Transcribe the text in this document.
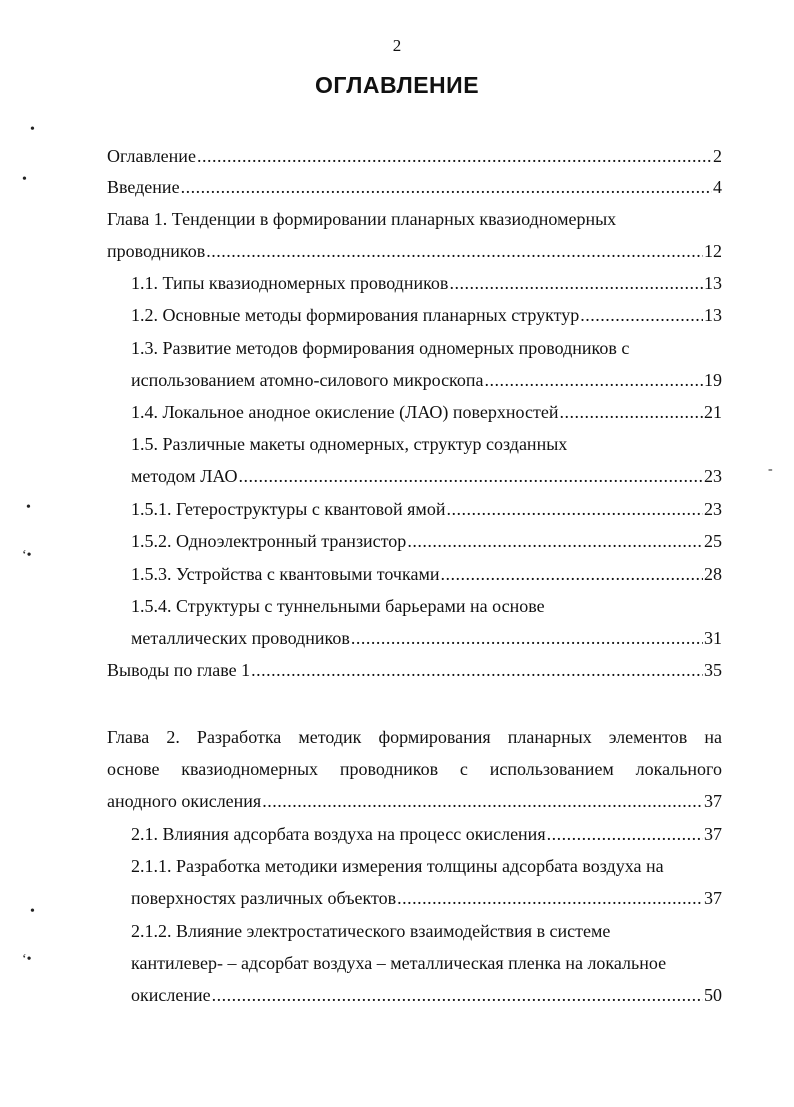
2
ОГЛАВЛЕНИЕ
•
•
•
‘•
-
•
‘•
Оглавление .....	2
Введение .....	4
Глава 1. Тенденции в формировании планарных квазиодномерных
проводников .....	12
1.1. Типы квазиодномерных проводников .....	13
1.2. Основные методы формирования планарных структур .....	13
1.3. Развитие методов формирования одномерных проводников с
использованием атомно-силового микроскопа .....	19
1.4. Локальное анодное окисление (ЛАО) поверхностей .....	21
1.5. Различные макеты одномерных, структур созданных
методом ЛАО .....	23
1.5.1. Гетероструктуры с квантовой ямой .....	23
1.5.2. Одноэлектронный транзистор .....	25
1.5.3. Устройства с квантовыми точками .....	28
1.5.4. Структуры с туннельными барьерами на основе
металлических проводников .....	31
Выводы по главе 1 .....	35
Глава 2. Разработка методик формирования планарных элементов на
основе квазиодномерных проводников с использованием локального
анодного окисления .....	37
2.1. Влияния адсорбата воздуха на процесс окисления .....	37
2.1.1. Разработка методики измерения толщины адсорбата воздуха на
поверхностях различных объектов .....	37
2.1.2. Влияние электростатического взаимодействия в системе
кантилевер- – адсорбат воздуха – металлическая пленка на локальное
окисление .....	50
